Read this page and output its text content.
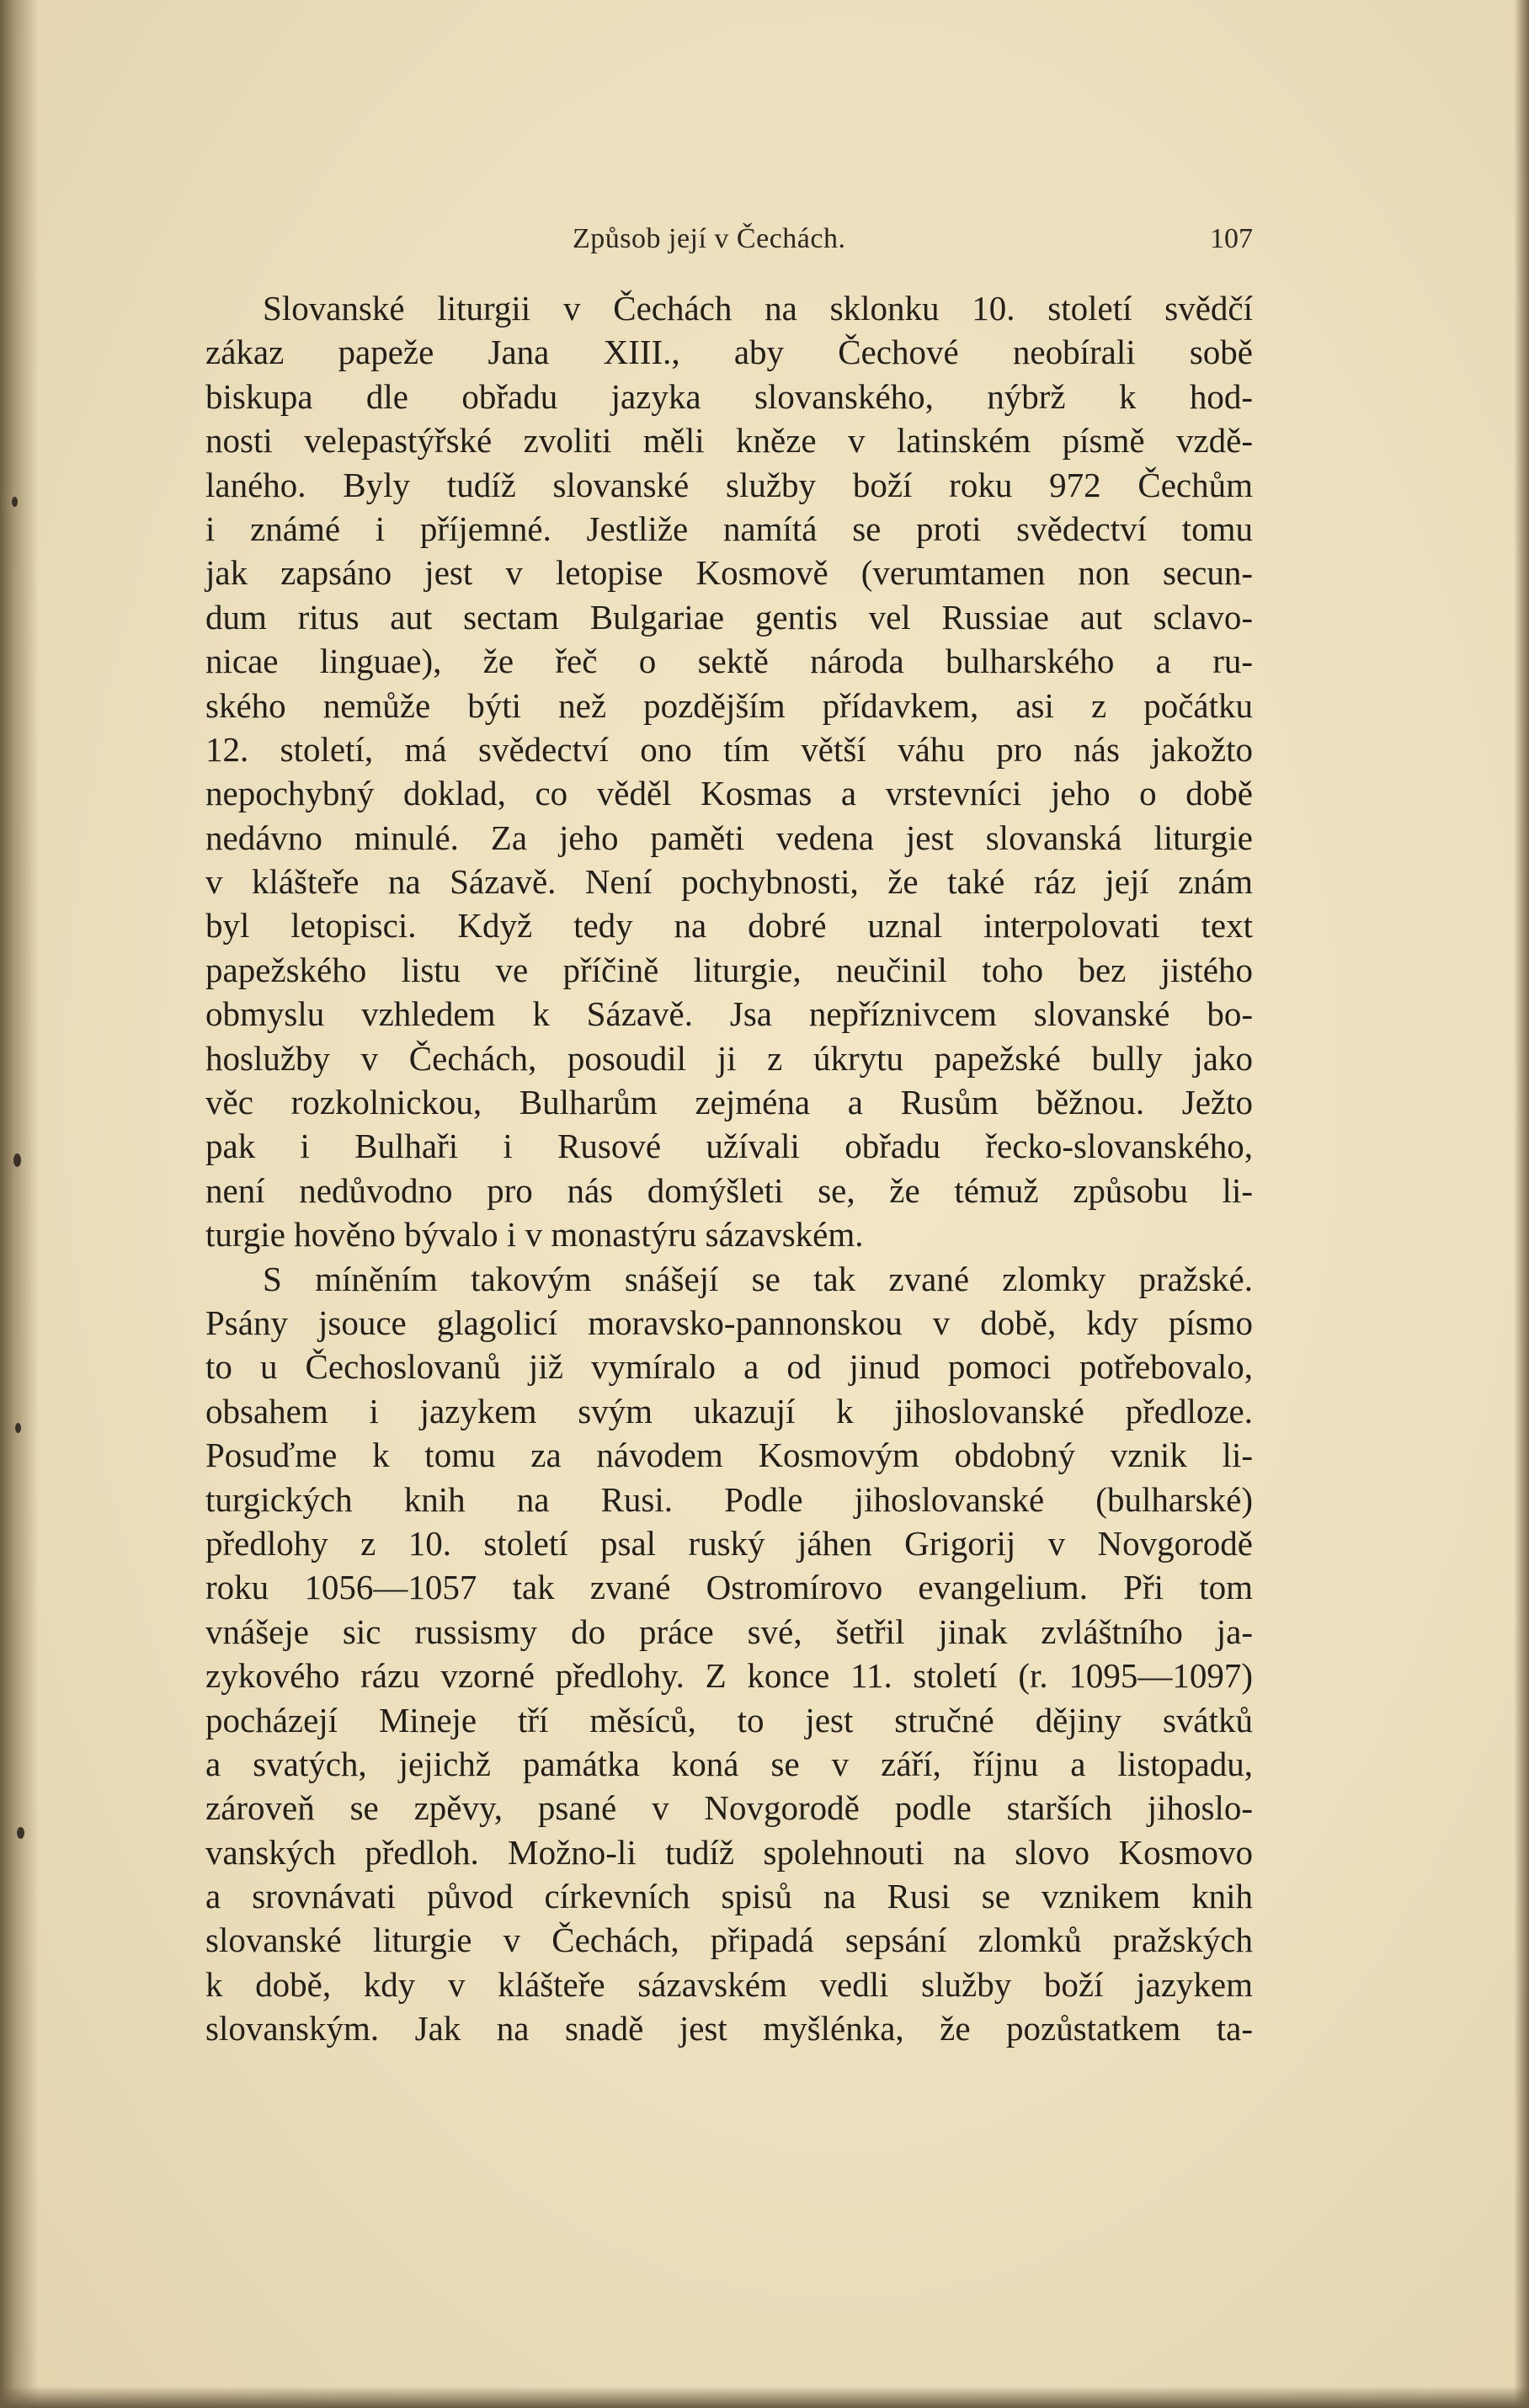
Způsob její v Čechách.	107
Slovanské liturgii v Čechách na sklonku 10. století svědčí
zákaz papeže Jana XIII., aby Čechové neobírali sobě
biskupa dle obřadu jazyka slovanského, nýbrž k hod-
nosti velepastýřské zvoliti měli kněze v latinském písmě vzdě-
laného. Byly tudíž slovanské služby boží roku 972 Čechům
i známé i příjemné. Jestliže namítá se proti svědectví tomu
jak zapsáno jest v letopise Kosmově (verumtamen non secun-
dum ritus aut sectam Bulgariae gentis vel Russiae aut sclavo-
nicae linguae), že řeč o sektě národa bulharského a ru-
ského nemůže býti než pozdějším přídavkem, asi z počátku
12. století, má svědectví ono tím větší váhu pro nás jakožto
nepochybný doklad, co věděl Kosmas a vrstevníci jeho o době
nedávno minulé. Za jeho paměti vedena jest slovanská liturgie
v klášteře na Sázavě. Není pochybnosti, že také ráz její znám
byl letopisci. Když tedy na dobré uznal interpolovati text
papežského listu ve příčině liturgie, neučinil toho bez jistého
obmyslu vzhledem k Sázavě. Jsa nepříznivcem slovanské bo-
hoslužby v Čechách, posoudil ji z úkrytu papežské bully jako
věc rozkolnickou, Bulharům zejména a Rusům běžnou. Ježto
pak i Bulhaři i Rusové užívali obřadu řecko-slovanského,
není nedůvodno pro nás domýšleti se, že témuž způsobu li-
turgie hověno bývalo i v monastýru sázavském.
S míněním takovým snášejí se tak zvané zlomky pražské.
Psány jsouce glagolicí moravsko-pannonskou v době, kdy písmo
to u Čechoslovanů již vymíralo a od jinud pomoci potřebovalo,
obsahem i jazykem svým ukazují k jihoslovanské předloze.
Posuďme k tomu za návodem Kosmovým obdobný vznik li-
turgických knih na Rusi. Podle jihoslovanské (bulharské)
předlohy z 10. století psal ruský jáhen Grigorij v Novgorodě
roku 1056—1057 tak zvané Ostromírovo evangelium. Při tom
vnášeje sic russismy do práce své, šetřil jinak zvláštního ja-
zykového rázu vzorné předlohy. Z konce 11. století (r. 1095—1097)
pocházejí Mineje tří měsíců, to jest stručné dějiny svátků
a svatých, jejichž památka koná se v září, říjnu a listopadu,
zároveň se zpěvy, psané v Novgorodě podle starších jihoslo-
vanských předloh. Možno-li tudíž spolehnouti na slovo Kosmovo
a srovnávati původ církevních spisů na Rusi se vznikem knih
slovanské liturgie v Čechách, připadá sepsání zlomků pražských
k době, kdy v klášteře sázavském vedli služby boží jazykem
slovanským. Jak na snadě jest myšlénka, že pozůstatkem ta-
